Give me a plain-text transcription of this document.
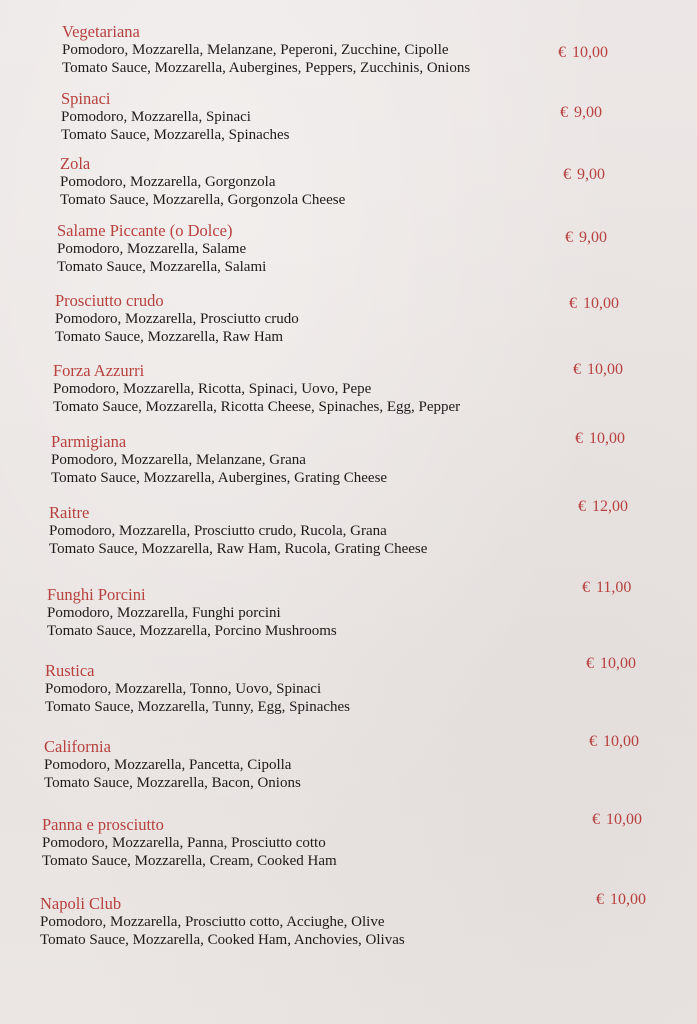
Vegetariana
Pomodoro, Mozzarella, Melanzane, Peperoni, Zucchine, Cipolle
Tomato Sauce, Mozzarella, Aubergines, Peppers, Zucchinis, Onions
€ 10,00
Spinaci
Pomodoro, Mozzarella, Spinaci
Tomato Sauce, Mozzarella, Spinaches
€ 9,00
Zola
Pomodoro, Mozzarella, Gorgonzola
Tomato Sauce, Mozzarella, Gorgonzola Cheese
€ 9,00
Salame Piccante (o Dolce)
Pomodoro, Mozzarella, Salame
Tomato Sauce, Mozzarella, Salami
€ 9,00
Prosciutto crudo
Pomodoro, Mozzarella, Prosciutto crudo
Tomato Sauce, Mozzarella, Raw Ham
€ 10,00
Forza Azzurri
Pomodoro, Mozzarella, Ricotta, Spinaci, Uovo, Pepe
Tomato Sauce, Mozzarella, Ricotta Cheese, Spinaches, Egg, Pepper
€ 10,00
Parmigiana
Pomodoro, Mozzarella, Melanzane, Grana
Tomato Sauce, Mozzarella, Aubergines, Grating Cheese
€ 10,00
Raitre
Pomodoro, Mozzarella, Prosciutto crudo, Rucola, Grana
Tomato Sauce, Mozzarella, Raw Ham, Rucola, Grating Cheese
€ 12,00
Funghi Porcini
Pomodoro, Mozzarella, Funghi porcini
Tomato Sauce, Mozzarella, Porcino Mushrooms
€ 11,00
Rustica
Pomodoro, Mozzarella, Tonno, Uovo, Spinaci
Tomato Sauce, Mozzarella, Tunny, Egg, Spinaches
€ 10,00
California
Pomodoro, Mozzarella, Pancetta, Cipolla
Tomato Sauce, Mozzarella, Bacon, Onions
€ 10,00
Panna e prosciutto
Pomodoro, Mozzarella, Panna, Prosciutto cotto
Tomato Sauce, Mozzarella, Cream, Cooked Ham
€ 10,00
Napoli Club
Pomodoro, Mozzarella, Prosciutto cotto, Acciughe, Olive
Tomato Sauce, Mozzarella, Cooked Ham, Anchovies, Olivas
€ 10,00
